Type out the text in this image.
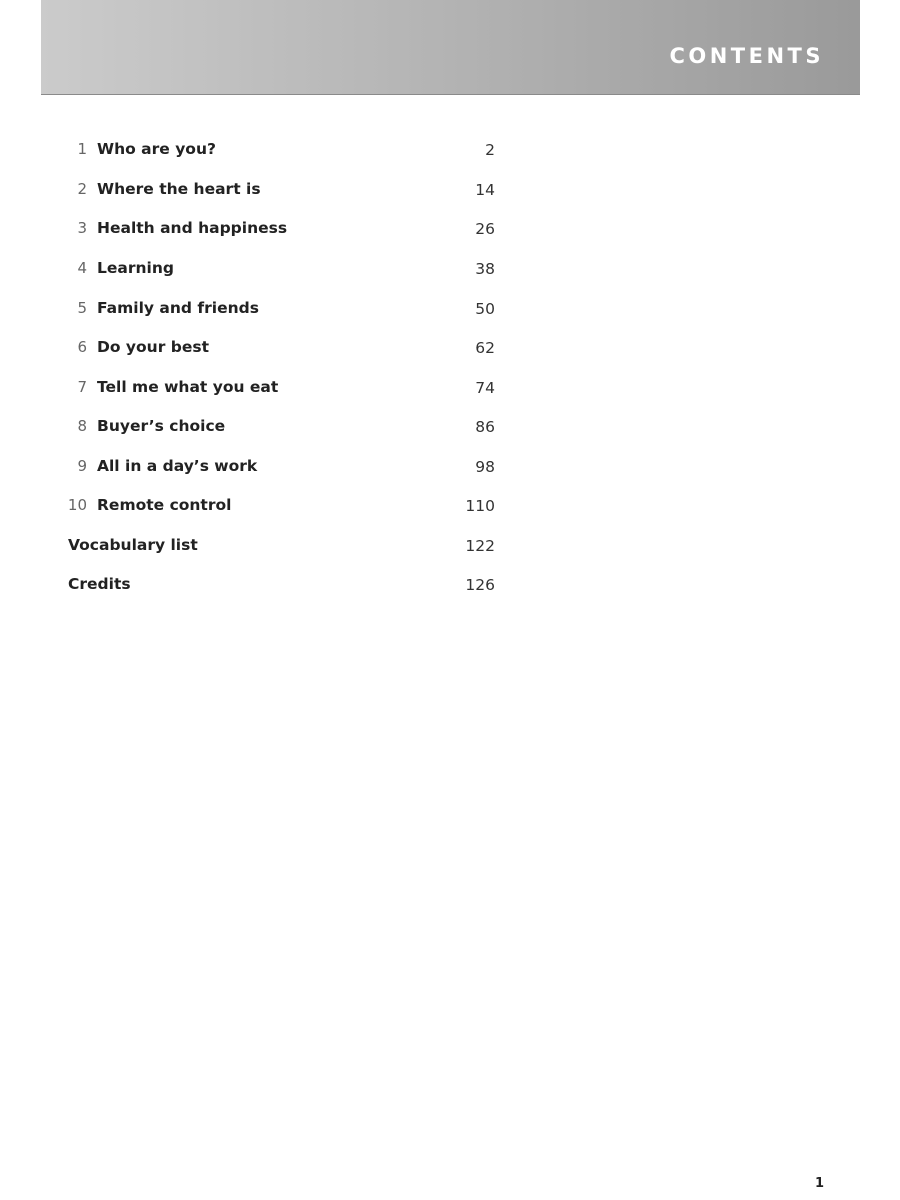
CONTENTS
1 Who are you?	2
2 Where the heart is	14
3 Health and happiness	26
4 Learning	38
5 Family and friends	50
6 Do your best	62
7 Tell me what you eat	74
8 Buyer’s choice	86
9 All in a day’s work	98
10 Remote control	110
Vocabulary list	122
Credits	126
1
